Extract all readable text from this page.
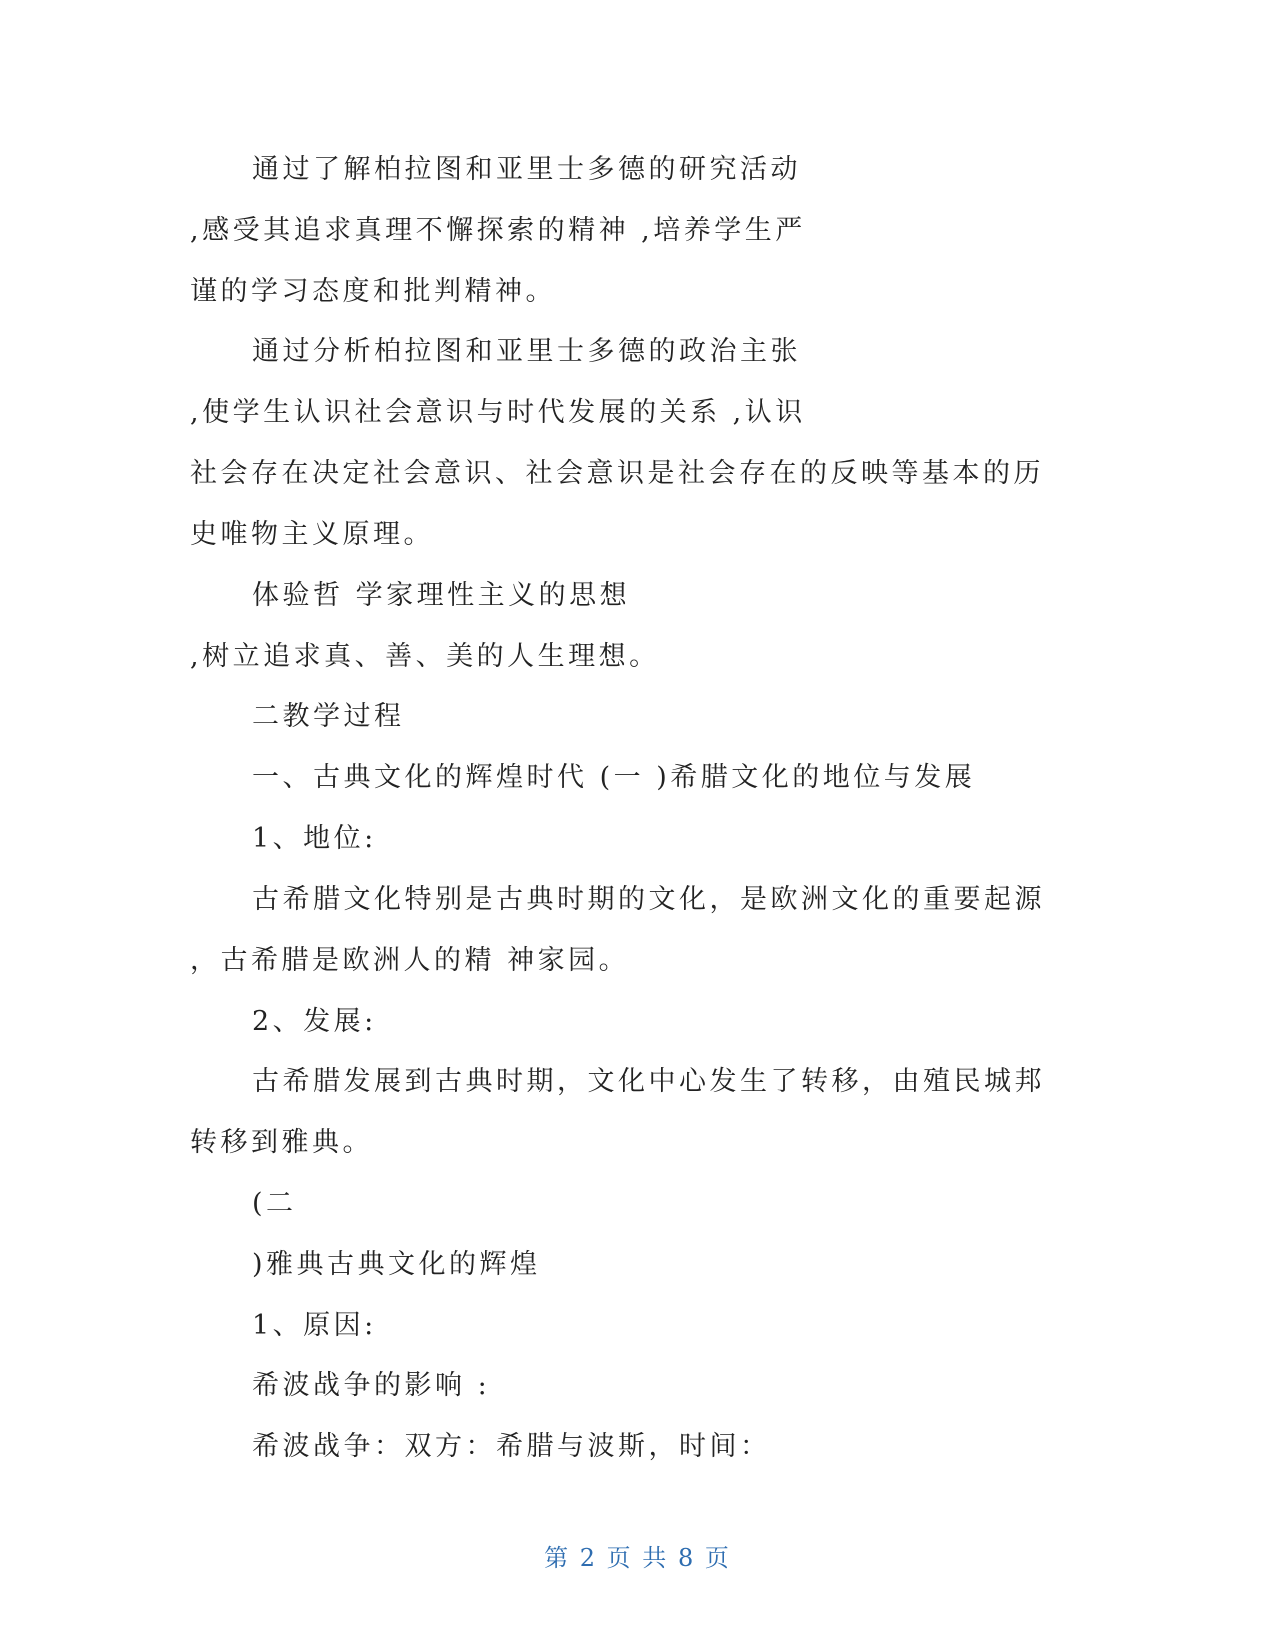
通过了解柏拉图和亚里士多德的研究活动
,感受其追求真理不懈探索的精神 ,培养学生严
谨的学习态度和批判精神。
通过分析柏拉图和亚里士多德的政治主张
,使学生认识社会意识与时代发展的关系 ,认识
社会存在决定社会意识、社会意识是社会存在的反映等基本的历
史唯物主义原理。
体验哲 学家理性主义的思想
,树立追求真、善、美的人生理想。
二教学过程
一、古典文化的辉煌时代 (一 )希腊文化的地位与发展
1、地位:
古希腊文化特别是古典时期的文化，是欧洲文化的重要起源
，古希腊是欧洲人的精 神家园。
2、发展:
古希腊发展到古典时期，文化中心发生了转移，由殖民城邦
转移到雅典。
(二
)雅典古典文化的辉煌
1、原因:
希波战争的影响 :
希波战争：双方：希腊与波斯，时间：
第 2 页 共 8 页
